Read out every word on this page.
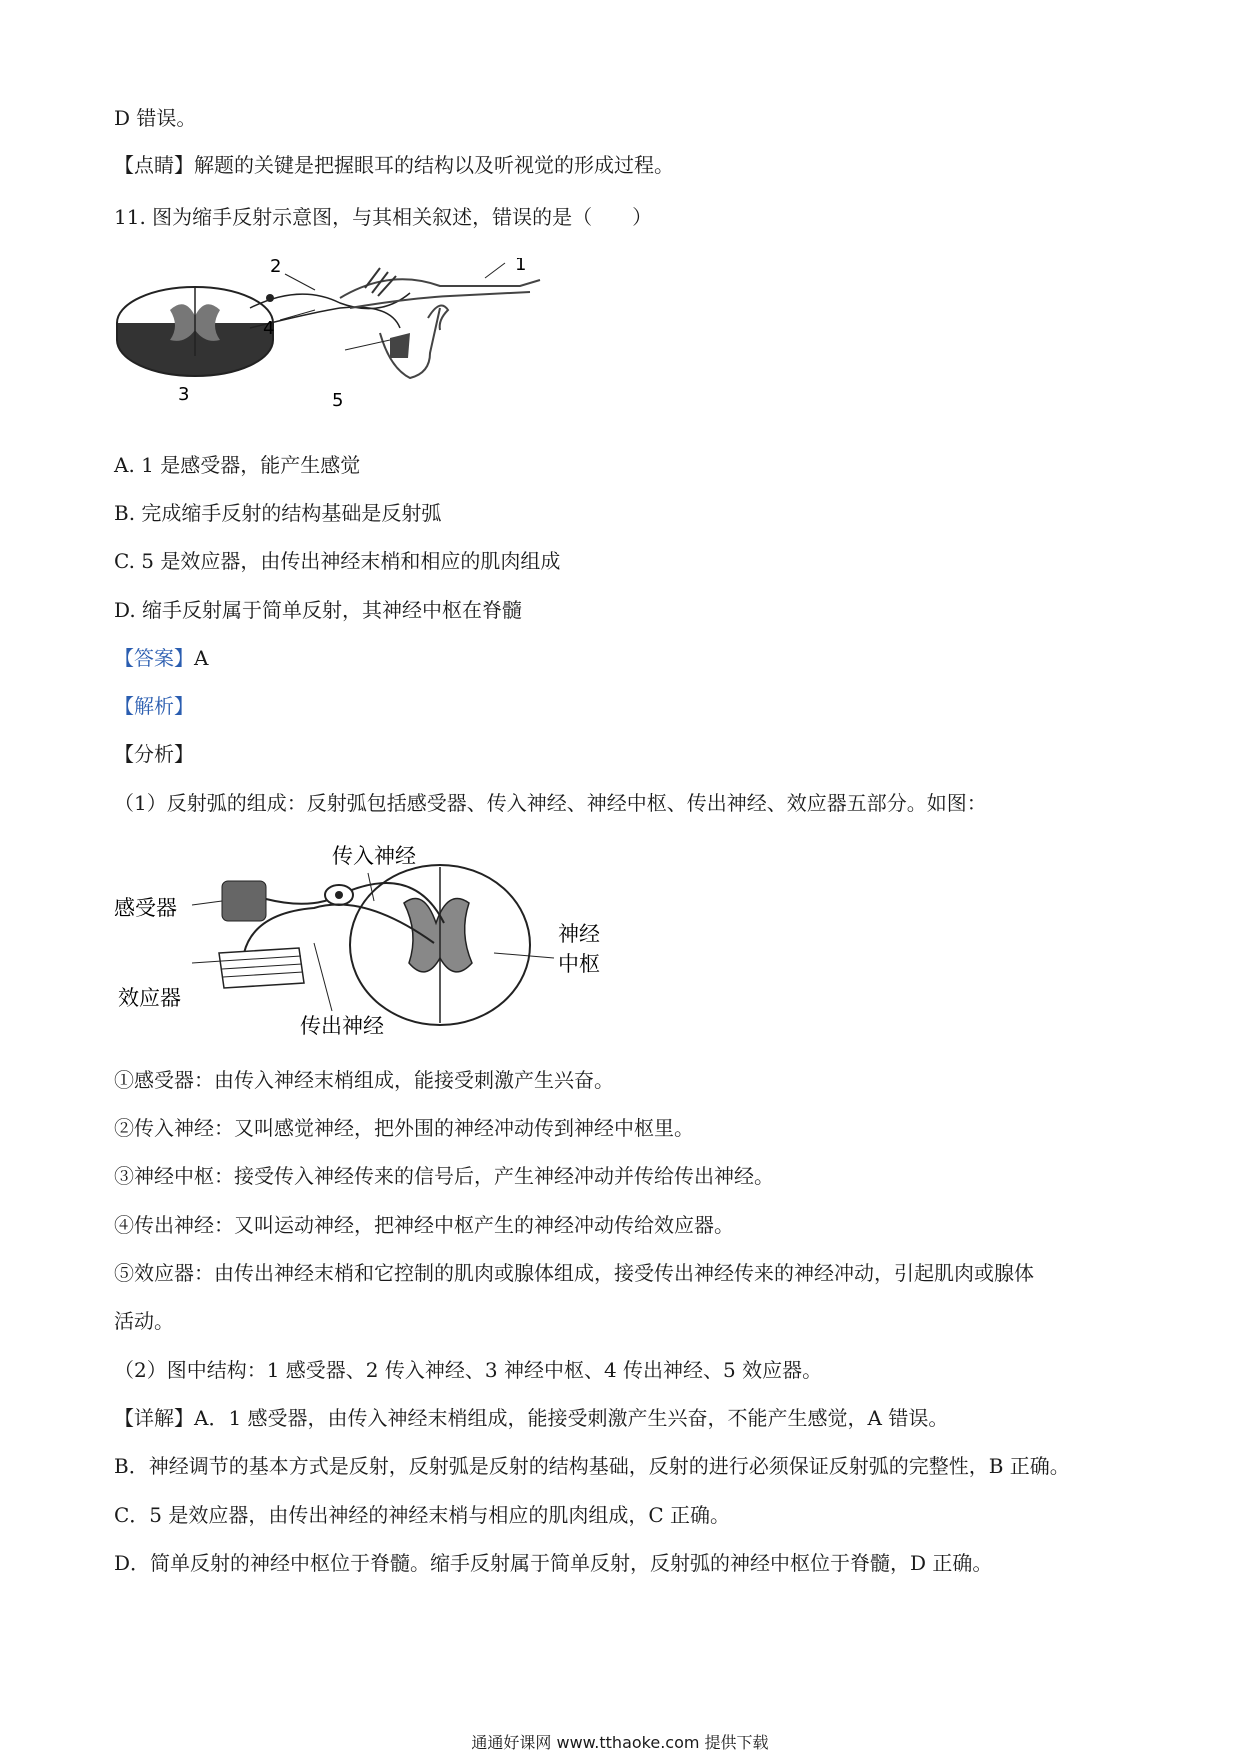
D 错误。
【点睛】解题的关键是把握眼耳的结构以及听视觉的形成过程。
11. 图为缩手反射示意图，与其相关叙述，错误的是（　　）
2	1
3
4
5
A. 1 是感受器，能产生感觉
B. 完成缩手反射的结构基础是反射弧
C. 5 是效应器，由传出神经末梢和相应的肌肉组成
D. 缩手反射属于简单反射，其神经中枢在脊髓
【答案】A
【解析】
【分析】
（1）反射弧的组成：反射弧包括感受器、传入神经、神经中枢、传出神经、效应器五部分。如图：
传入神经
感受器
神经
中枢
效应器
传出神经
①感受器：由传入神经末梢组成，能接受刺激产生兴奋。
②传入神经：又叫感觉神经，把外围的神经冲动传到神经中枢里。
③神经中枢：接受传入神经传来的信号后，产生神经冲动并传给传出神经。
④传出神经：又叫运动神经，把神经中枢产生的神经冲动传给效应器。
⑤效应器：由传出神经末梢和它控制的肌肉或腺体组成，接受传出神经传来的神经冲动，引起肌肉或腺体
活动。
（2）图中结构：1 感受器、2 传入神经、3 神经中枢、4 传出神经、5 效应器。
【详解】A．1 感受器，由传入神经末梢组成，能接受刺激产生兴奋，不能产生感觉，A 错误。
B．神经调节的基本方式是反射，反射弧是反射的结构基础，反射的进行必须保证反射弧的完整性，B 正确。
C．5 是效应器，由传出神经的神经末梢与相应的肌肉组成，C 正确。
D．简单反射的神经中枢位于脊髓。缩手反射属于简单反射，反射弧的神经中枢位于脊髓，D 正确。
通通好课网 www.tthaoke.com 提供下载
